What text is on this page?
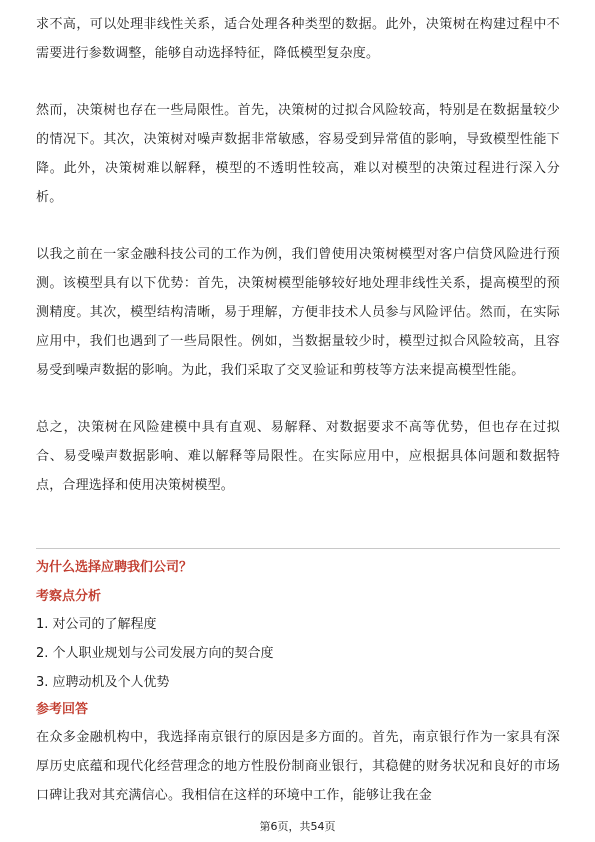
求不高，可以处理非线性关系，适合处理各种类型的数据。此外，决策树在构建过程中不需要进行参数调整，能够自动选择特征，降低模型复杂度。

然而，决策树也存在一些局限性。首先，决策树的过拟合风险较高，特别是在数据量较少的情况下。其次，决策树对噪声数据非常敏感，容易受到异常值的影响，导致模型性能下降。此外，决策树难以解释，模型的不透明性较高，难以对模型的决策过程进行深入分析。

以我之前在一家金融科技公司的工作为例，我们曾使用决策树模型对客户信贷风险进行预测。该模型具有以下优势：首先，决策树模型能够较好地处理非线性关系，提高模型的预测精度。其次，模型结构清晰，易于理解，方便非技术人员参与风险评估。然而，在实际应用中，我们也遇到了一些局限性。例如，当数据量较少时，模型过拟合风险较高，且容易受到噪声数据的影响。为此，我们采取了交叉验证和剪枝等方法来提高模型性能。

总之，决策树在风险建模中具有直观、易解释、对数据要求不高等优势，但也存在过拟合、易受噪声数据影响、难以解释等局限性。在实际应用中，应根据具体问题和数据特点，合理选择和使用决策树模型。

为什么选择应聘我们公司？

考察点分析

1. 对公司的了解程度

2. 个人职业规划与公司发展方向的契合度

3. 应聘动机及个人优势

参考回答

在众多金融机构中，我选择南京银行的原因是多方面的。首先，南京银行作为一家具有深厚历史底蕴和现代化经营理念的地方性股份制商业银行，其稳健的财务状况和良好的市场口碑让我对其充满信心。我相信在这样的环境中工作，能够让我在金

第6页，共54页
